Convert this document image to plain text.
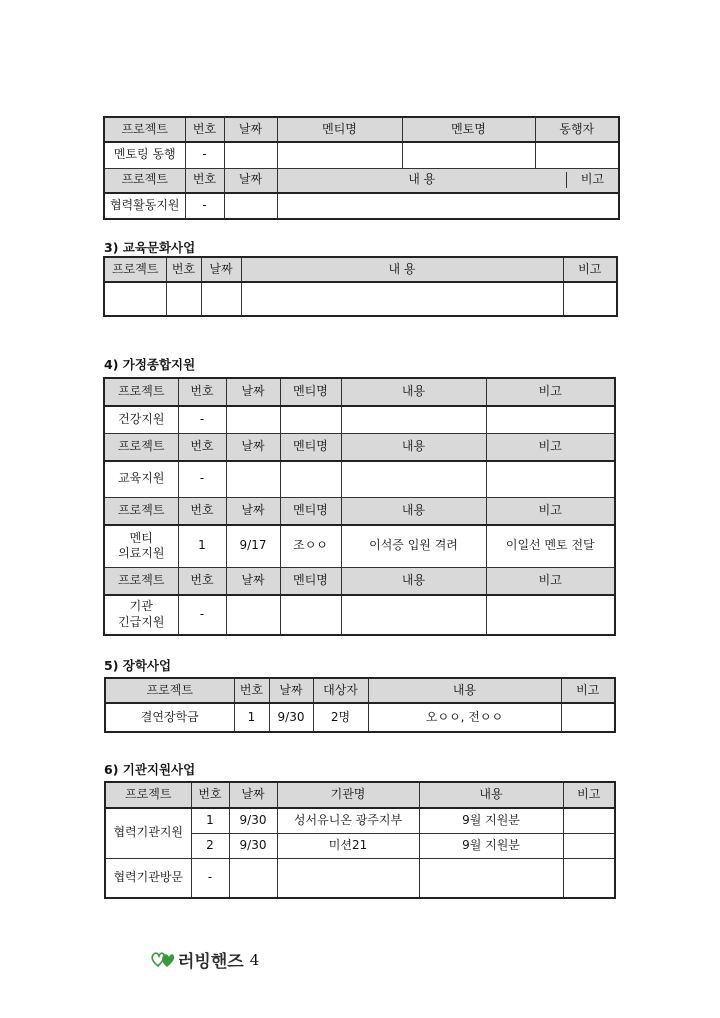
프로젝트	번호	날짜	멘티명	멘토명	동행자
멘토링 동행	-				
프로젝트	번호	날짜	내 용 비고		

협력활동지원	-				
3) 교육문화사업
프로젝트	번호	날짜	내 용	비고

4) 가정종합지원
프로젝트	번호	날짜	멘티명	내용	비고
건강지원	-				
프로젝트	번호	날짜	멘티명	내용	비고
교육지원	-				
프로젝트	번호	날짜	멘티명	내용	비고
멘티
의료지원	1	9/17	조ㅇㅇ	이석증 입원 격려	이일선 멘토 전달
프로젝트	번호	날짜	멘티명	내용	비고
기관
긴급지원	-				
5) 장학사업
프로젝트	번호	날짜	대상자	내용	비고
결연장학금	1	9/30	2명	오ㅇㅇ, 전ㅇㅇ	
6) 기관지원사업
프로젝트	번호	날짜	기관명	내용	비고
협력기관지원	1	9/30	성서유니온 광주지부	9월 지원분	
	2	9/30	미션21	9월 지원분	
협력기관방문	-				
러빙핸즈 4
